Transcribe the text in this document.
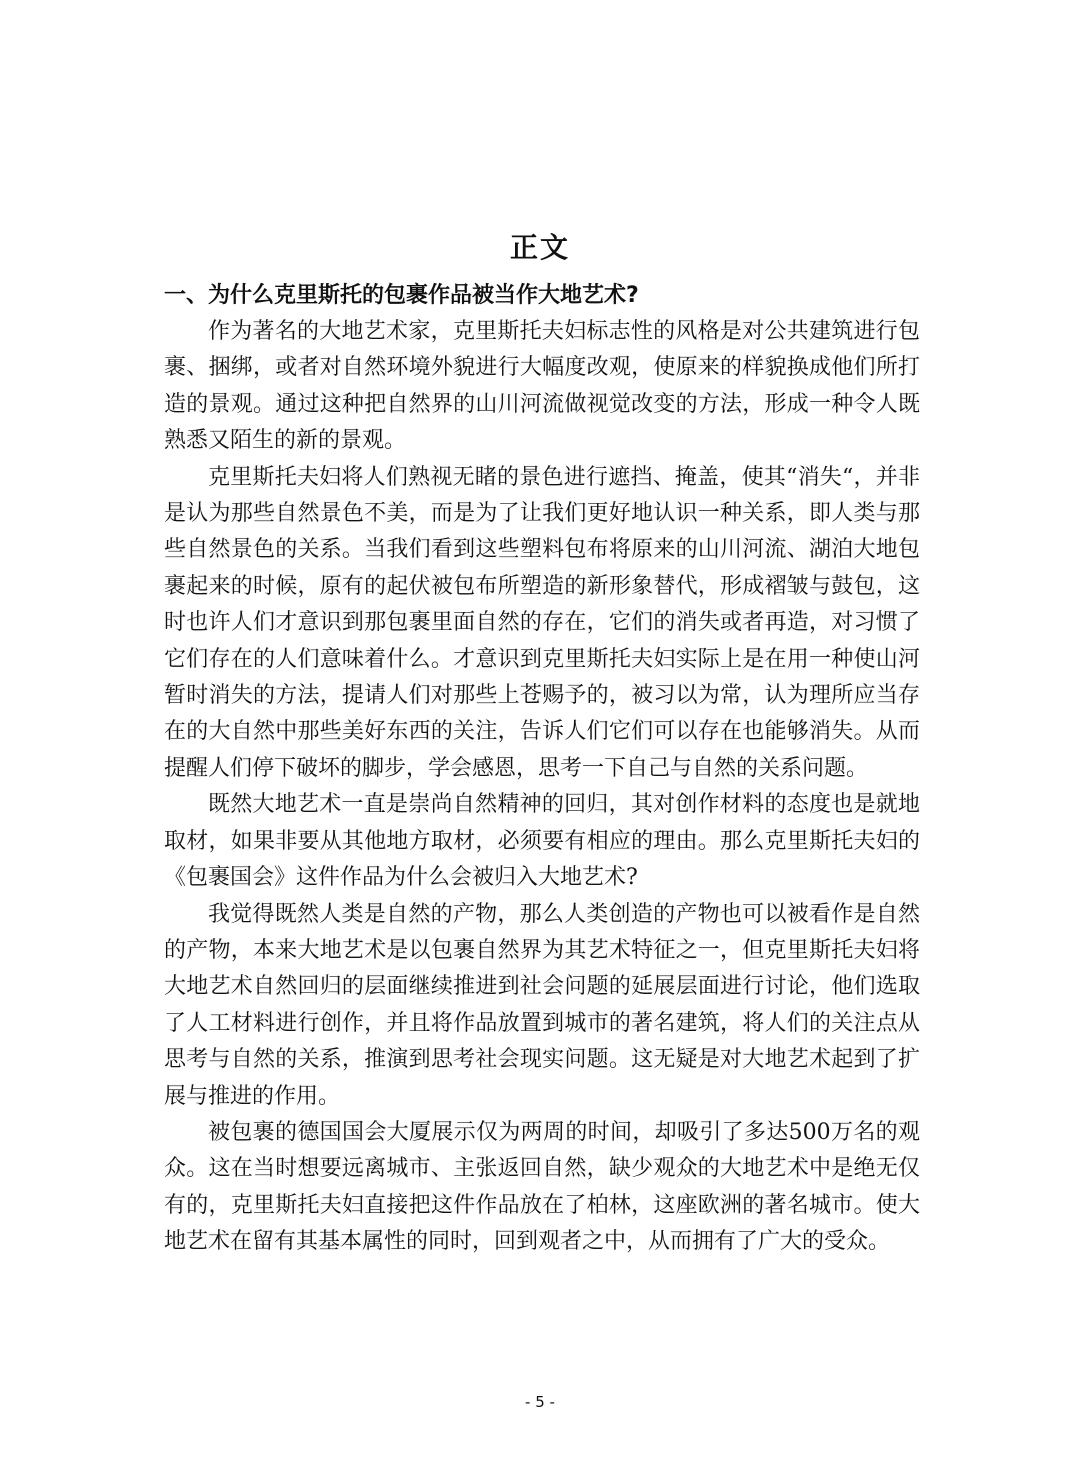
正文
一、为什么克里斯托的包裹作品被当作大地艺术?

作为著名的大地艺术家，克里斯托夫妇标志性的风格是对公共建筑进行包裹、捆绑，或者对自然环境外貌进行大幅度改观，使原来的样貌换成他们所打造的景观。通过这种把自然界的山川河流做视觉改变的方法，形成一种令人既熟悉又陌生的新的景观。

克里斯托夫妇将人们熟视无睹的景色进行遮挡、掩盖，使其“消失“，并非是认为那些自然景色不美，而是为了让我们更好地认识一种关系，即人类与那些自然景色的关系。当我们看到这些塑料包布将原来的山川河流、湖泊大地包裹起来的时候，原有的起伏被包布所塑造的新形象替代，形成褶皱与鼓包，这时也许人们才意识到那包裹里面自然的存在，它们的消失或者再造，对习惯了它们存在的人们意味着什么。才意识到克里斯托夫妇实际上是在用一种使山河暂时消失的方法，提请人们对那些上苍赐予的，被习以为常，认为理所应当存在的大自然中那些美好东西的关注，告诉人们它们可以存在也能够消失。从而提醒人们停下破坏的脚步，学会感恩，思考一下自己与自然的关系问题。

既然大地艺术一直是崇尚自然精神的回归，其对创作材料的态度也是就地取材，如果非要从其他地方取材，必须要有相应的理由。那么克里斯托夫妇的《包裹国会》这件作品为什么会被归入大地艺术?

我觉得既然人类是自然的产物，那么人类创造的产物也可以被看作是自然的产物，本来大地艺术是以包裹自然界为其艺术特征之一，但克里斯托夫妇将大地艺术自然回归的层面继续推进到社会问题的延展层面进行讨论，他们选取了人工材料进行创作，并且将作品放置到城市的著名建筑，将人们的关注点从思考与自然的关系，推演到思考社会现实问题。这无疑是对大地艺术起到了扩展与推进的作用。

被包裹的德国国会大厦展示仅为两周的时间，却吸引了多达500万名的观众。这在当时想要远离城市、主张返回自然，缺少观众的大地艺术中是绝无仅有的，克里斯托夫妇直接把这件作品放在了柏林，这座欧洲的著名城市。使大地艺术在留有其基本属性的同时，回到观者之中，从而拥有了广大的受众。

- 5 -
